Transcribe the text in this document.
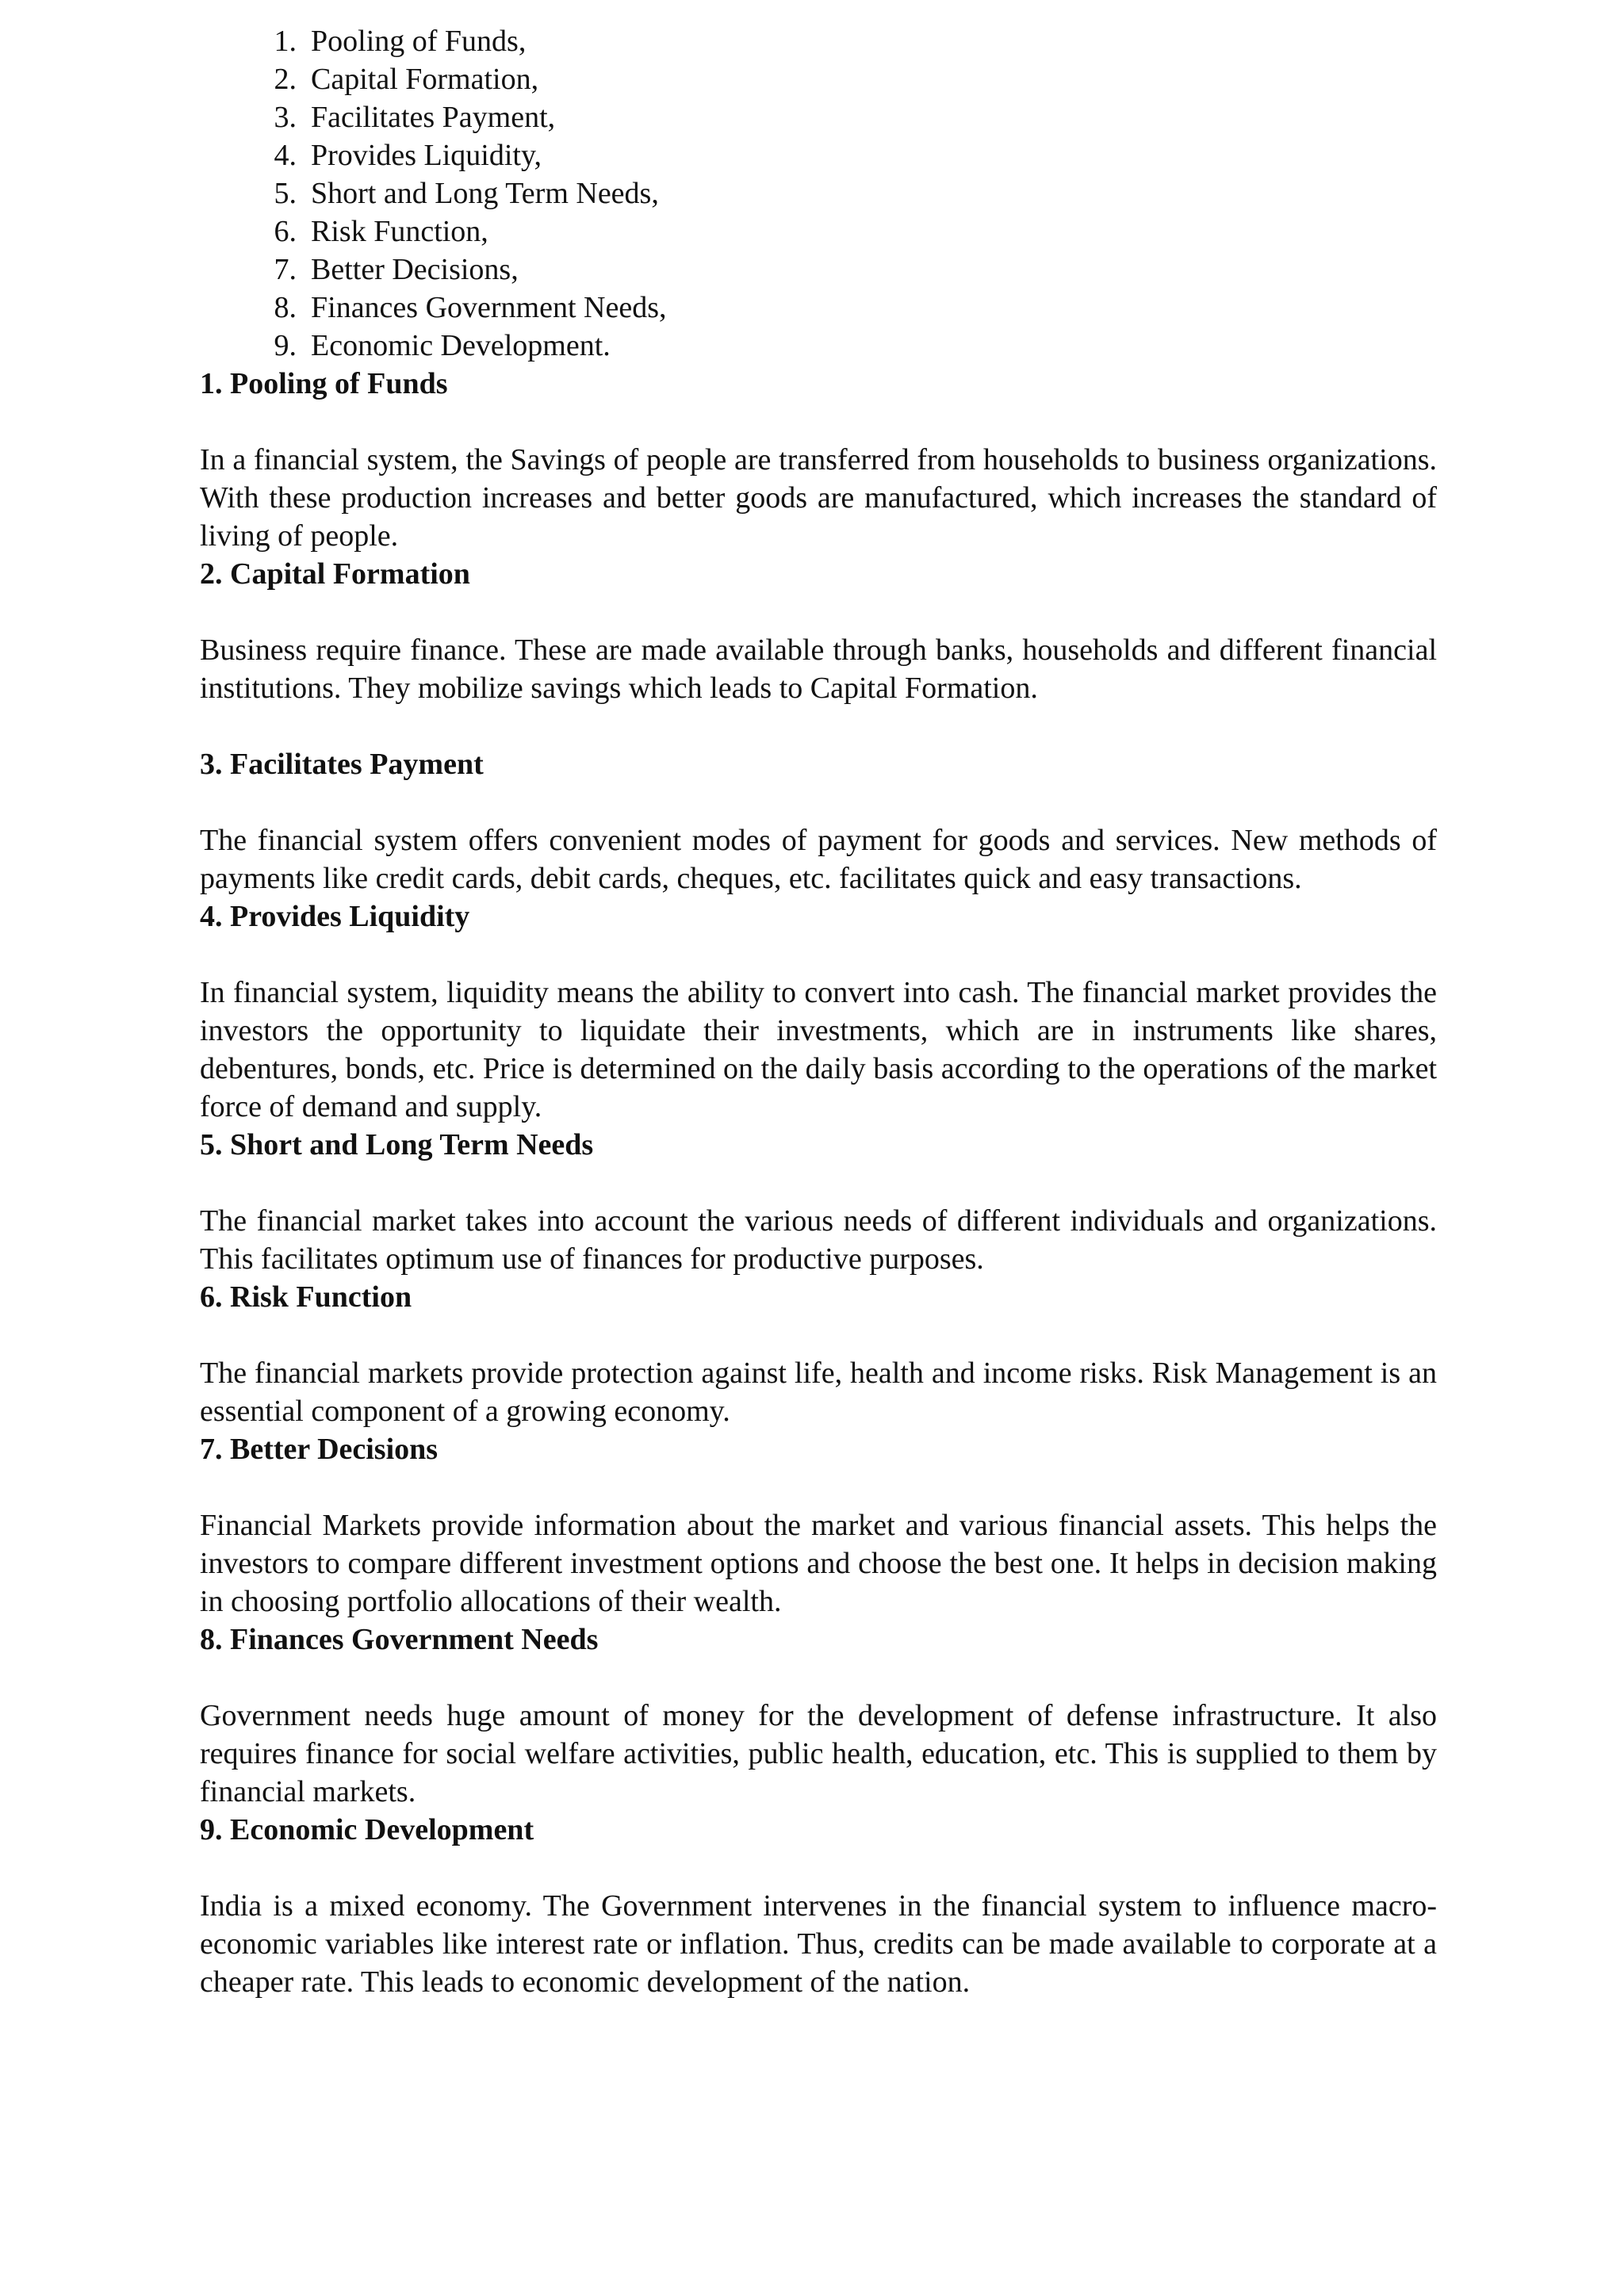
1. Pooling of Funds,
2. Capital Formation,
3. Facilitates Payment,
4. Provides Liquidity,
5. Short and Long Term Needs,
6. Risk Function,
7. Better Decisions,
8. Finances Government Needs,
9. Economic Development.

1. Pooling of Funds

In a financial system, the Savings of people are transferred from households to business organizations. With these production increases and better goods are manufactured, which increases the standard of living of people.

2. Capital Formation

Business require finance. These are made available through banks, households and different financial institutions. They mobilize savings which leads to Capital Formation.

3. Facilitates Payment

The financial system offers convenient modes of payment for goods and services. New methods of payments like credit cards, debit cards, cheques, etc. facilitates quick and easy transactions.

4. Provides Liquidity

In financial system, liquidity means the ability to convert into cash. The financial market provides the investors the opportunity to liquidate their investments, which are in instruments like shares, debentures, bonds, etc. Price is determined on the daily basis according to the operations of the market force of demand and supply.

5. Short and Long Term Needs

The financial market takes into account the various needs of different individuals and organizations. This facilitates optimum use of finances for productive purposes.

6. Risk Function

The financial markets provide protection against life, health and income risks. Risk Management is an essential component of a growing economy.

7. Better Decisions

Financial Markets provide information about the market and various financial assets. This helps the investors to compare different investment options and choose the best one. It helps in decision making in choosing portfolio allocations of their wealth.

8. Finances Government Needs

Government needs huge amount of money for the development of defense infrastructure. It also requires finance for social welfare activities, public health, education, etc. This is supplied to them by financial markets.

9. Economic Development

India is a mixed economy. The Government intervenes in the financial system to influence macro-economic variables like interest rate or inflation. Thus, credits can be made available to corporate at a cheaper rate. This leads to economic development of the nation.
